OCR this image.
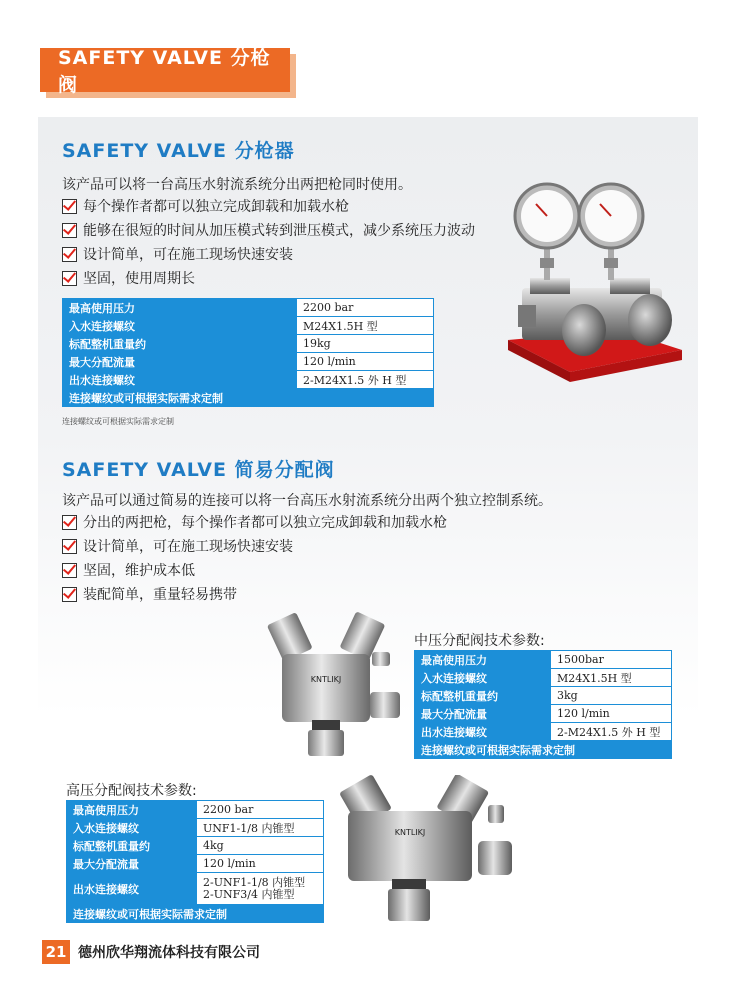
SAFETY VALVE 分枪阀
SAFETY VALVE 分枪器
该产品可以将一台高压水射流系统分出两把枪同时使用。
每个操作者都可以独立完成卸载和加载水枪
能够在很短的时间从加压模式转到泄压模式，减少系统压力波动
设计简单，可在施工现场快速安装
坚固，使用周期长
最高使用压力	2200 bar
入水连接螺纹	M24X1.5H 型
标配整机重量约	19kg
最大分配流量	120 l/min
出水连接螺纹	2-M24X1.5 外 H 型
连接螺纹或可根据实际需求定制	
连接螺纹或可根据实际需求定制
SAFETY VALVE 简易分配阀
该产品可以通过简易的连接可以将一台高压水射流系统分出两个独立控制系统。
分出的两把枪，每个操作者都可以独立完成卸载和加载水枪
设计简单，可在施工现场快速安装
坚固，维护成本低
装配简单，重量轻易携带
KNTLIKJ
中压分配阀技术参数:
最高使用压力	1500bar
入水连接螺纹	M24X1.5H 型
标配整机重量约	3kg
最大分配流量	120 l/min
出水连接螺纹	2-M24X1.5 外 H 型
连接螺纹或可根据实际需求定制	
高压分配阀技术参数:
最高使用压力	2200 bar
入水连接螺纹	UNF1-1/8 内锥型
标配整机重量约	4kg
最大分配流量	120 l/min
出水连接螺纹	2-UNF1-1/8 内锥型
2-UNF3/4 内锥型

连接螺纹或可根据实际需求定制	
KNTLIKJ
21 德州欣华翔流体科技有限公司
